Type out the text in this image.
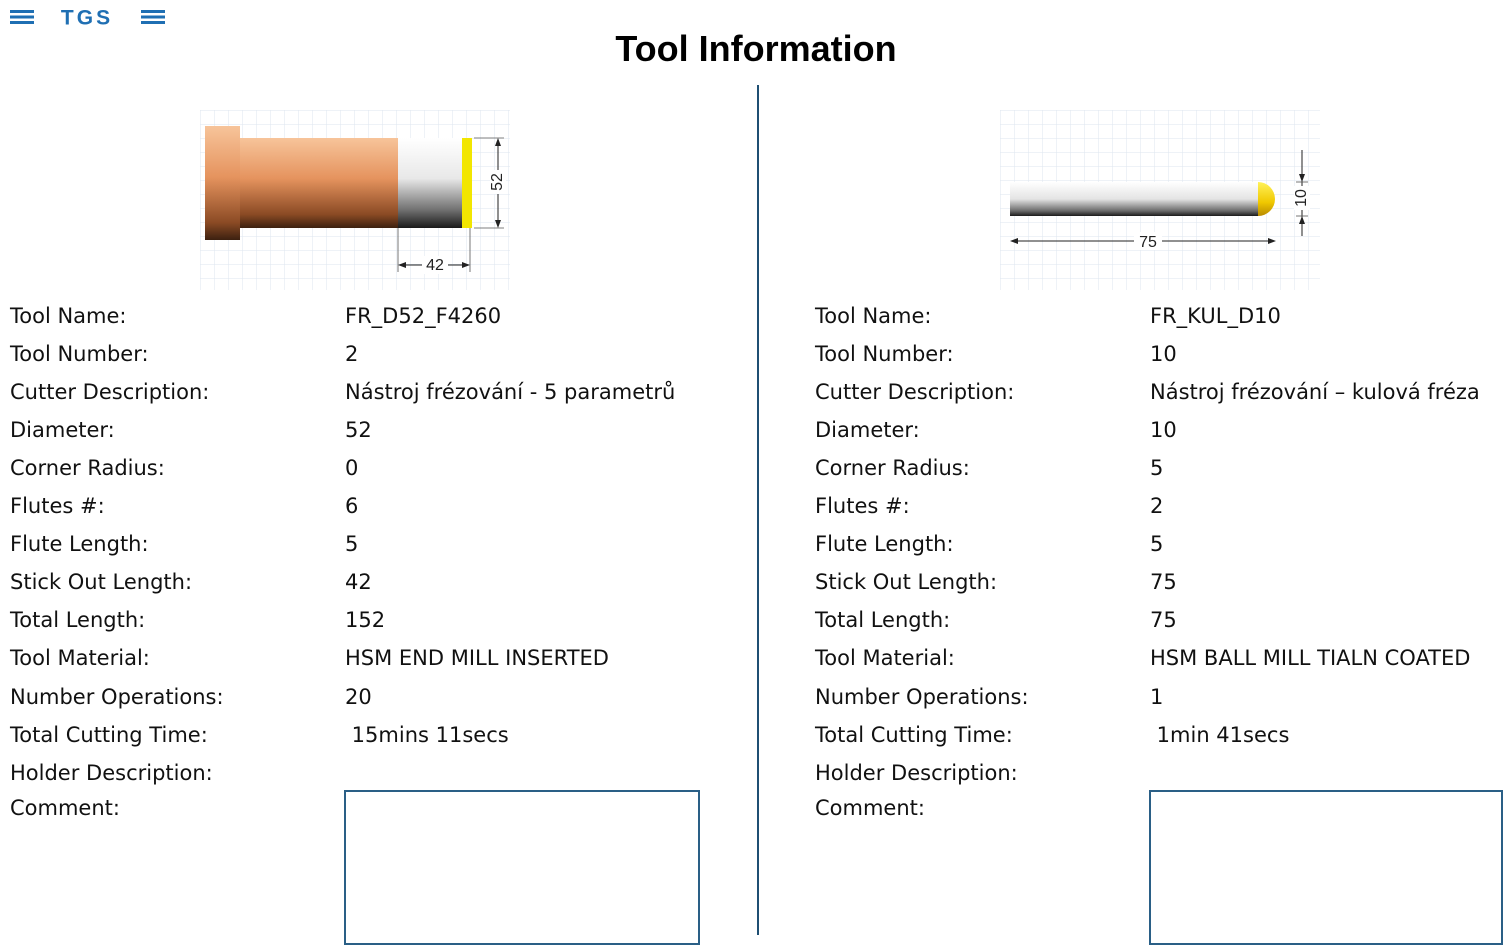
TGS
Tool Information
52
42
Tool Name:	FR_D52_F4260
Tool Number:	2
Cutter Description:	Nástroj frézování - 5 parametrů
Diameter:	52
Corner Radius:	0
Flutes #:	6
Flute Length:	5
Stick Out Length:	42
Total Length:	152
Tool Material:	HSM END MILL INSERTED
Number Operations:	20
Total Cutting Time:	15mins 11secs
Holder Description:
Comment:
10
75
Tool Name:	FR_KUL_D10
Tool Number:	10
Cutter Description:	Nástroj frézování – kulová fréza
Diameter:	10
Corner Radius:	5
Flutes #:	2
Flute Length:	5
Stick Out Length:	75
Total Length:	75
Tool Material:	HSM BALL MILL TIALN COATED
Number Operations:	1
Total Cutting Time:	1min 41secs
Holder Description:
Comment:
